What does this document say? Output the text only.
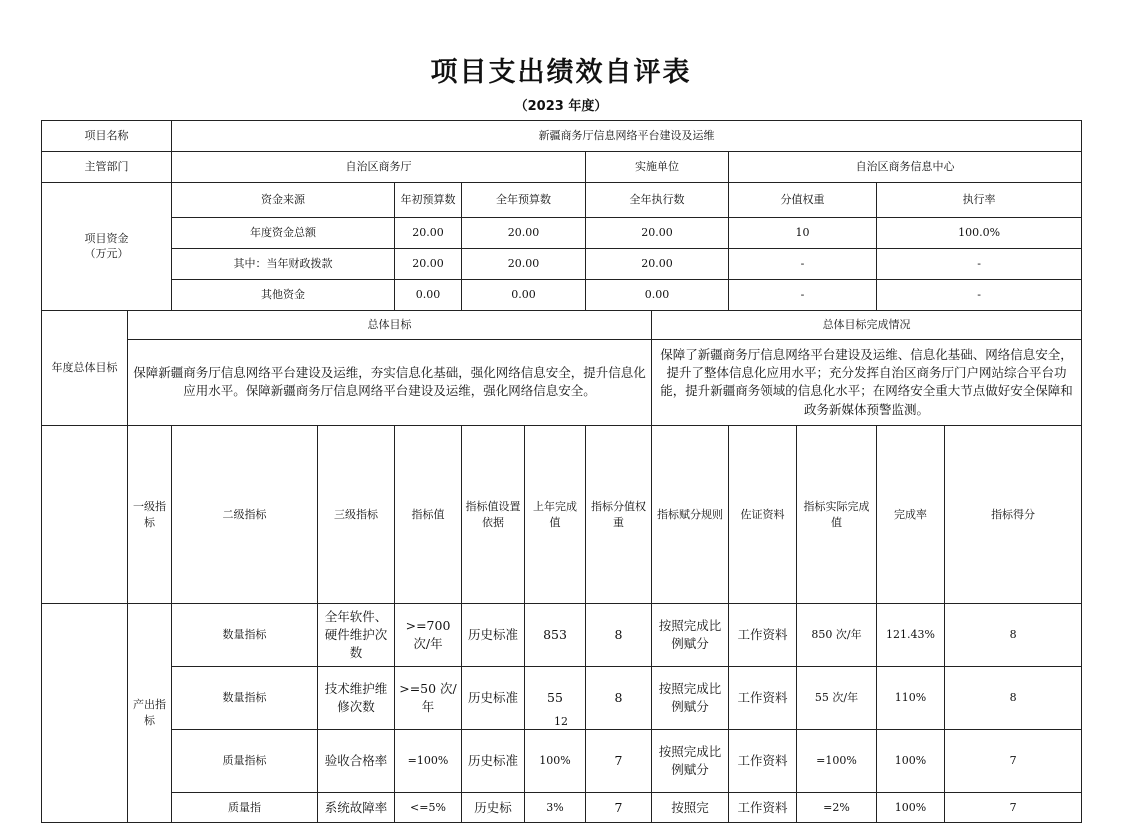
项目支出绩效自评表
（2023 年度）
项目名称		新疆商务厅信息网络平台建设及运维											
主管部门		自治区商务厅					实施单位		自治区商务信息中心				

项目资金
（万元）		资金来源		年初预算数	全年预算数		全年执行数		分值权重		执行率	
		年度资金总额		20.00	20.00		20.00		10		100.0%	
		其中：当年财政拨款		20.00	20.00		20.00		-		-	
		其他资金		0.00	0.00		0.00		-		-	
年度总体目标	总体目标							总体目标完成情况					
	保障新疆商务厅信息网络平台建设及运维，夯实信息化基础，强化网络信息安全，提升信息化应用水平。保障新疆商务厅信息网络平台建设及运维，强化网络信息安全。							保障了新疆商务厅信息网络平台建设及运维、信息化基础、网络信息安全，提升了整体信息化应用水平；充分发挥自治区商务厅门户网站综合平台功能，提升新疆商务领域的信息化水平；在网络安全重大节点做好安全保障和政务新媒体预警监测。					
	一级指标	二级指标	三级指标	指标值	指标值设置依据	上年完成值	指标分值权重	指标赋分规则	佐证资料	指标实际完成值	完成率	指标得分	
	产出指标	数量指标	全年软件、硬件维护次数	>=700 次/年	历史标准	853	8	按照完成比例赋分	工作资料	850 次/年	121.43%	8	
		数量指标	技术维护维修次数	>=50 次/年	历史标准	55	8	按照完成比例赋分	工作资料	55 次/年	110%	8	
		质量指标	验收合格率	=100%	历史标准	100%	7	按照完成比例赋分	工作资料	=100%	100%	7	
		质量指	系统故障率	<=5%	历史标	3%	7	按照完	工作资料	=2%	100%	7	
12
